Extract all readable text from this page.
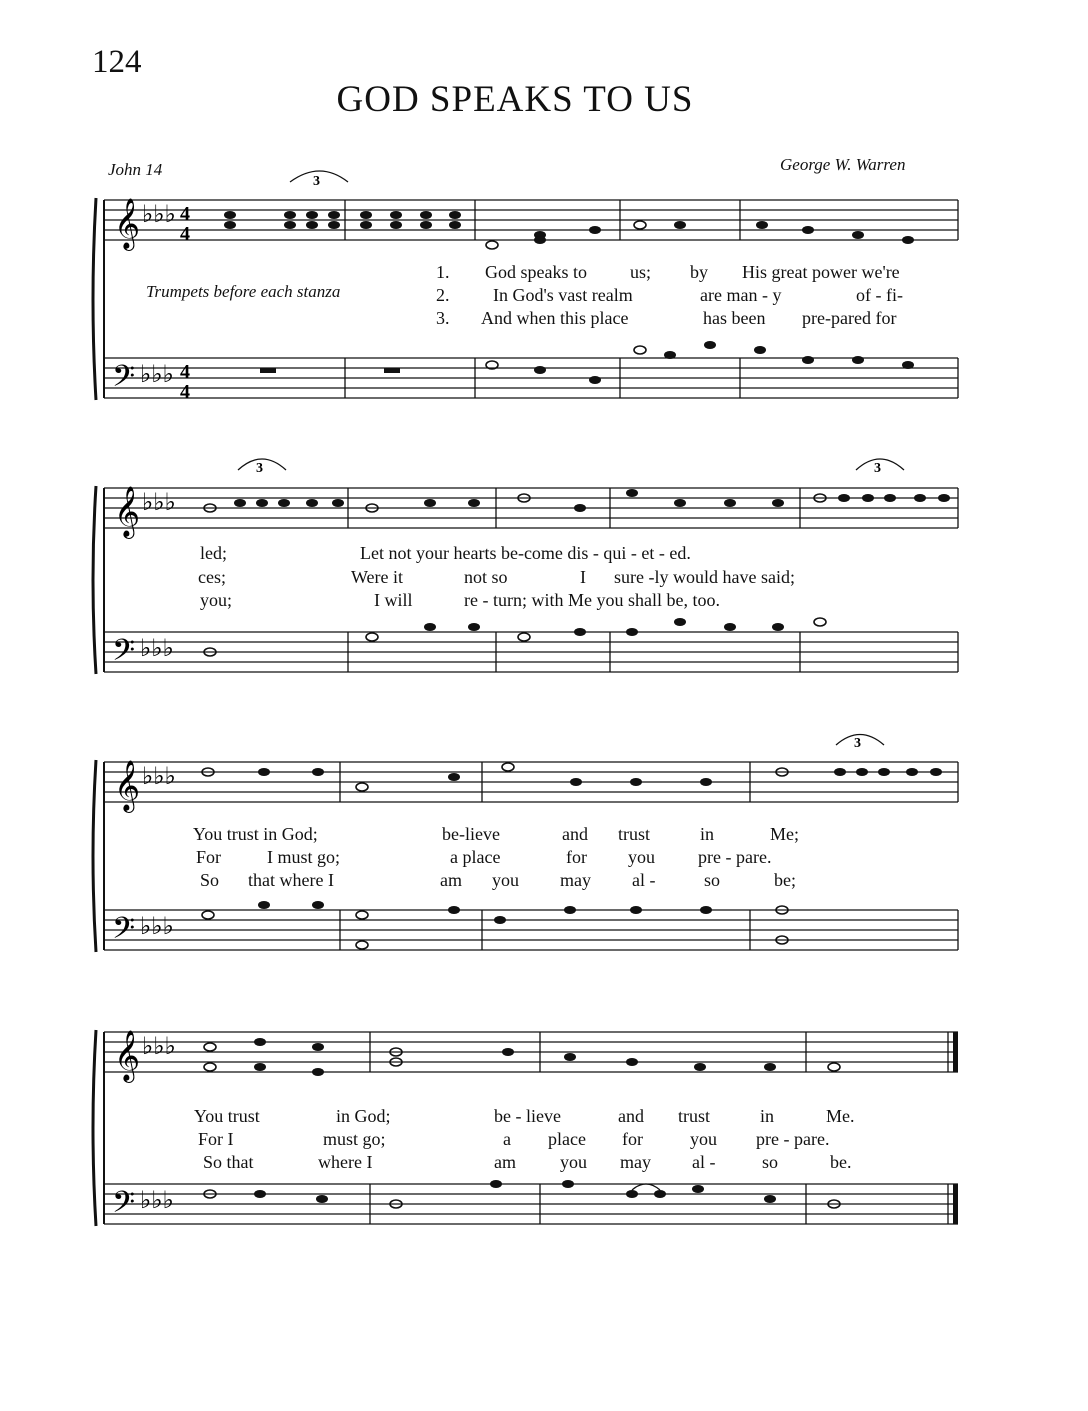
124
GOD SPEAKS TO US
John 14	George W. Warren
Trumpets before each stanza
𝄞
𝄢
♭♭♭
♭♭♭
4
4
4
4
3
1.
2.
3.
God speaks to us; by His great power we're
In God's vast realm	are man - y	of - fi-
And when this place	has been pre-pared for
𝄞
𝄢
♭♭♭
♭♭♭
3	3
led;	Let not your hearts be-come dis - qui - et - ed.
ces;	Were it	not so	I sure -ly would have said;
you;	I will	re - turn; with Me you shall be, too.
𝄞
𝄢
♭♭♭
♭♭♭
3
You trust in God;	be-lieve	and trust	in	Me;
For	I must go;	a place	for you pre - pare.
So that where I	am you may al -	so	be;
𝄞
𝄢
♭♭♭
♭♭♭
You trust	in God;	be - lieve	and trust	in	Me.
For I	must go;	a place for	you pre - pare.
So that	where I	am you may al -	so	be.
